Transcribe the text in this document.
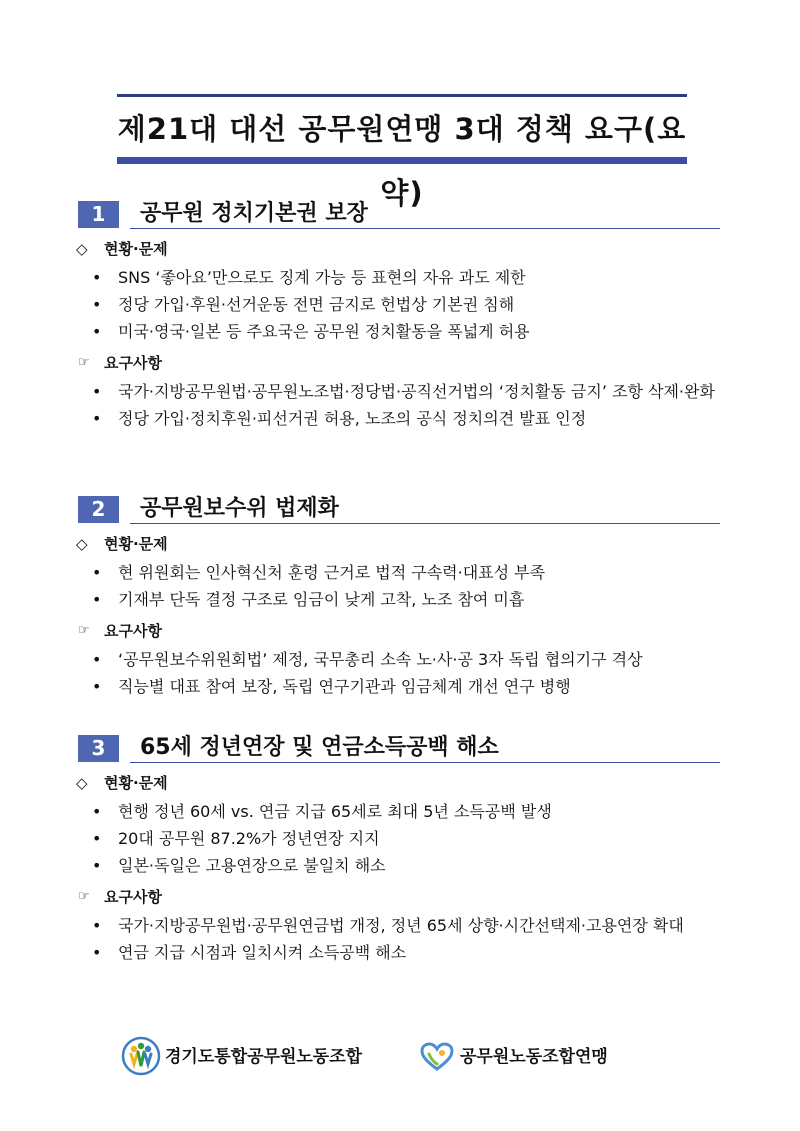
제21대 대선 공무원연맹 3대 정책 요구(요약)
1	공무원 정치기본권 보장
◇ 현황·문제
• SNS ‘좋아요’만으로도 징계 가능 등 표현의 자유 과도 제한
• 정당 가입·후원·선거운동 전면 금지로 헌법상 기본권 침해
• 미국·영국·일본 등 주요국은 공무원 정치활동을 폭넓게 허용
☞ 요구사항
• 국가·지방공무원법·공무원노조법·정당법·공직선거법의 ‘정치활동 금지’ 조항 삭제·완화
• 정당 가입·정치후원·피선거권 허용, 노조의 공식 정치의견 발표 인정
2	공무원보수위 법제화
◇ 현황·문제
• 현 위원회는 인사혁신처 훈령 근거로 법적 구속력·대표성 부족
• 기재부 단독 결정 구조로 임금이 낮게 고착, 노조 참여 미흡
☞ 요구사항
• ‘공무원보수위원회법’ 제정, 국무총리 소속 노·사·공 3자 독립 협의기구 격상
• 직능별 대표 참여 보장, 독립 연구기관과 임금체계 개선 연구 병행
3	65세 정년연장 및 연금소득공백 해소
◇ 현황·문제
• 현행 정년 60세 vs. 연금 지급 65세로 최대 5년 소득공백 발생
• 20대 공무원 87.2%가 정년연장 지지
• 일본·독일은 고용연장으로 불일치 해소
☞ 요구사항
• 국가·지방공무원법·공무원연금법 개정, 정년 65세 상향·시간선택제·고용연장 확대
• 연금 지급 시점과 일치시켜 소득공백 해소
경기도통합공무원노동조합	공무원노동조합연맹
